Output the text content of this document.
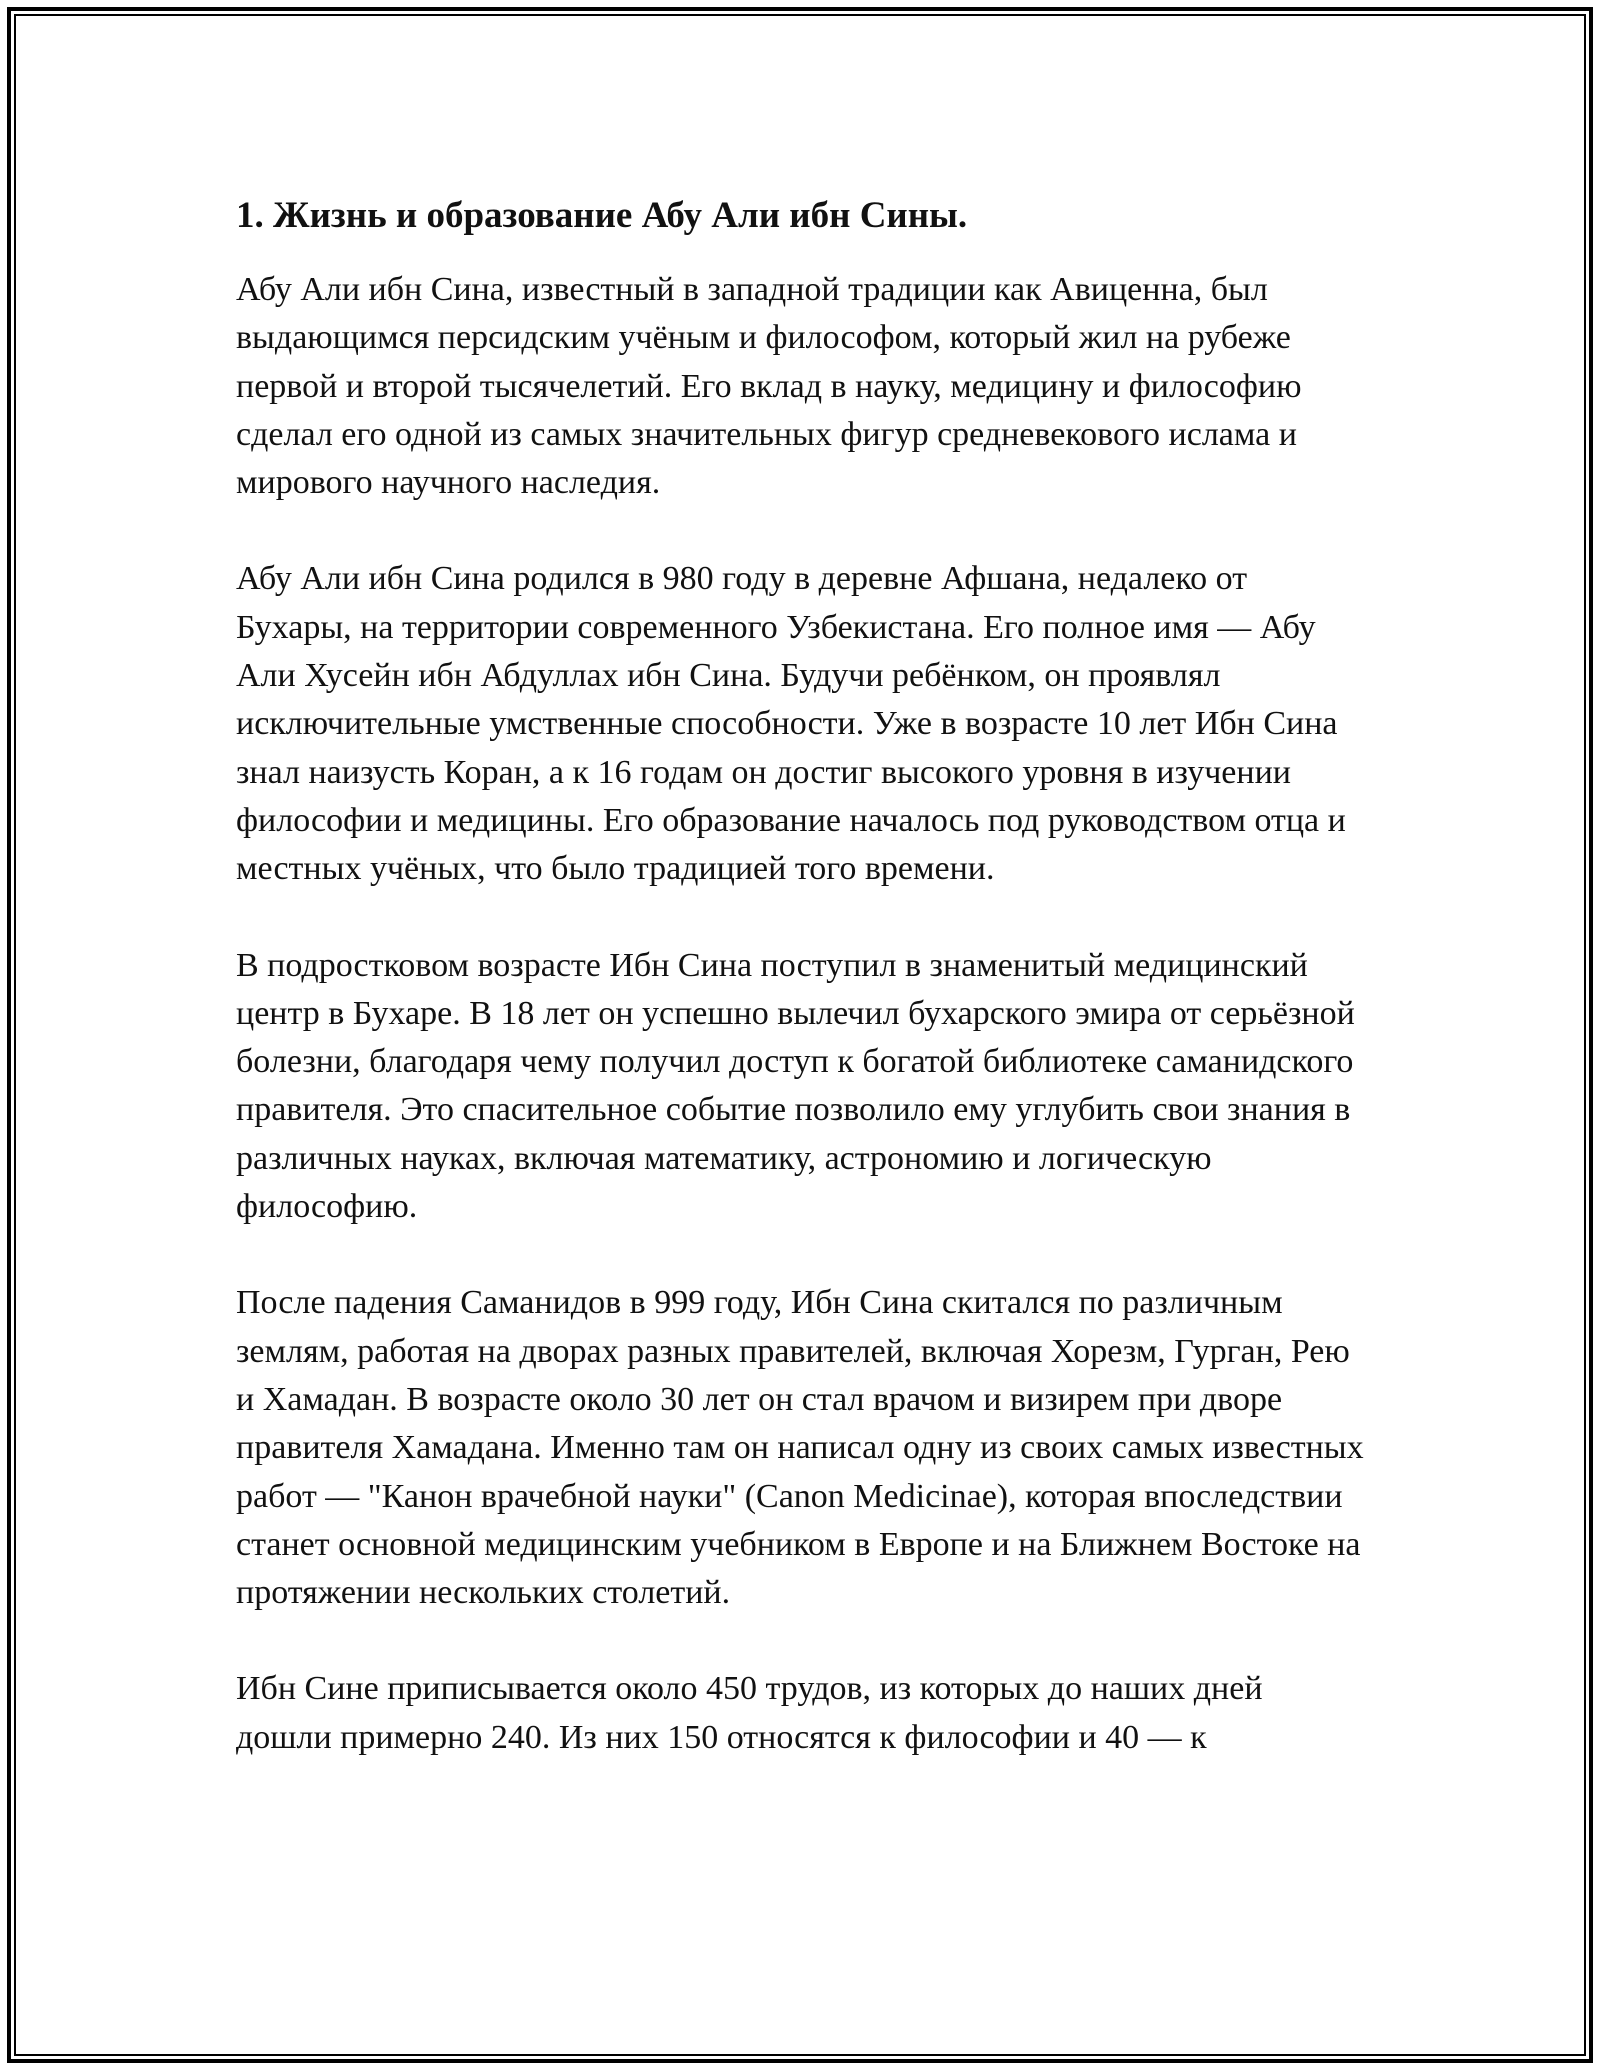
1. Жизнь и образование Абу Али ибн Сины.

Абу Али ибн Сина, известный в западной традиции как Авиценна, был выдающимся персидским учёным и философом, который жил на рубеже первой и второй тысячелетий. Его вклад в науку, медицину и философию сделал его одной из самых значительных фигур средневекового ислама и мирового научного наследия.

Абу Али ибн Сина родился в 980 году в деревне Афшана, недалеко от Бухары, на территории современного Узбекистана. Его полное имя — Абу Али Хусейн ибн Абдуллах ибн Сина. Будучи ребёнком, он проявлял исключительные умственные способности. Уже в возрасте 10 лет Ибн Сина знал наизусть Коран, а к 16 годам он достиг высокого уровня в изучении философии и медицины. Его образование началось под руководством отца и местных учёных, что было традицией того времени.

В подростковом возрасте Ибн Сина поступил в знаменитый медицинский центр в Бухаре. В 18 лет он успешно вылечил бухарского эмира от серьёзной болезни, благодаря чему получил доступ к богатой библиотеке саманидского правителя. Это спасительное событие позволило ему углубить свои знания в различных науках, включая математику, астрономию и логическую философию.

После падения Саманидов в 999 году, Ибн Сина скитался по различным землям, работая на дворах разных правителей, включая Хорезм, Гурган, Рею и Хамадан. В возрасте около 30 лет он стал врачом и визирем при дворе правителя Хамадана. Именно там он написал одну из своих самых известных работ — "Канон врачебной науки" (Canon Medicinae), которая впоследствии станет основной медицинским учебником в Европе и на Ближнем Востоке на протяжении нескольких столетий.

Ибн Сине приписывается около 450 трудов, из которых до наших дней дошли примерно 240. Из них 150 относятся к философии и 40 — к
